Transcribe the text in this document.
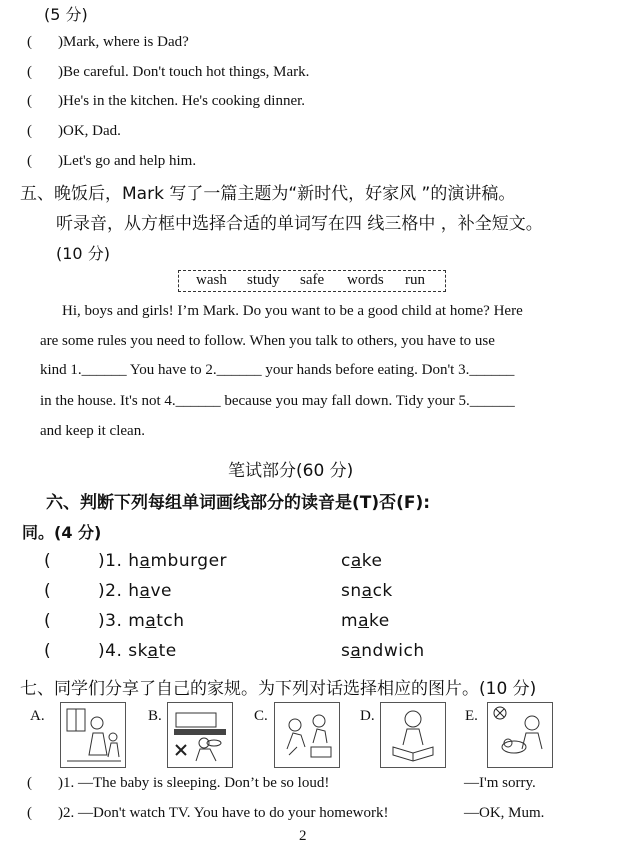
(5 分)
( )Mark, where is Dad?
( )Be careful. Don't touch hot things, Mark.
( )He's in the kitchen. He's cooking dinner.
( )OK, Dad.
( )Let's go and help him.
五、晚饭后，Mark 写了一篇主题为“新时代，好家风 ”的演讲稿。
听录音，从方框中选择合适的单词写在四 线三格中 ，补全短文。
(10 分)
wash study safe words run
Hi, boys and girls! I’m Mark. Do you want to be a good child at home? Here
are some rules you need to follow. When you talk to others, you have to use
kind 1.______ You have to 2.______ your hands before eating. Don't 3.______
in the house. It's not 4.______ because you may fall down. Tidy your 5.______
and keep it clean.
笔试部分(60 分)
六、判断下列每组单词画线部分的读音是(T)否(F):
同。(4 分)
(	)1. hamburger	cake
(	)2. have	snack
(	)3. match	make
(	)4. skate	sandwich
七、同学们分享了自己的家规。为下列对话选择相应的图片。(10 分)
A.	B.	C.	D.	E.
( )1. —The baby is sleeping. Don’t be so loud!	—I'm sorry.
( )2. —Don't watch TV. You have to do your homework!	—OK, Mum.
2
